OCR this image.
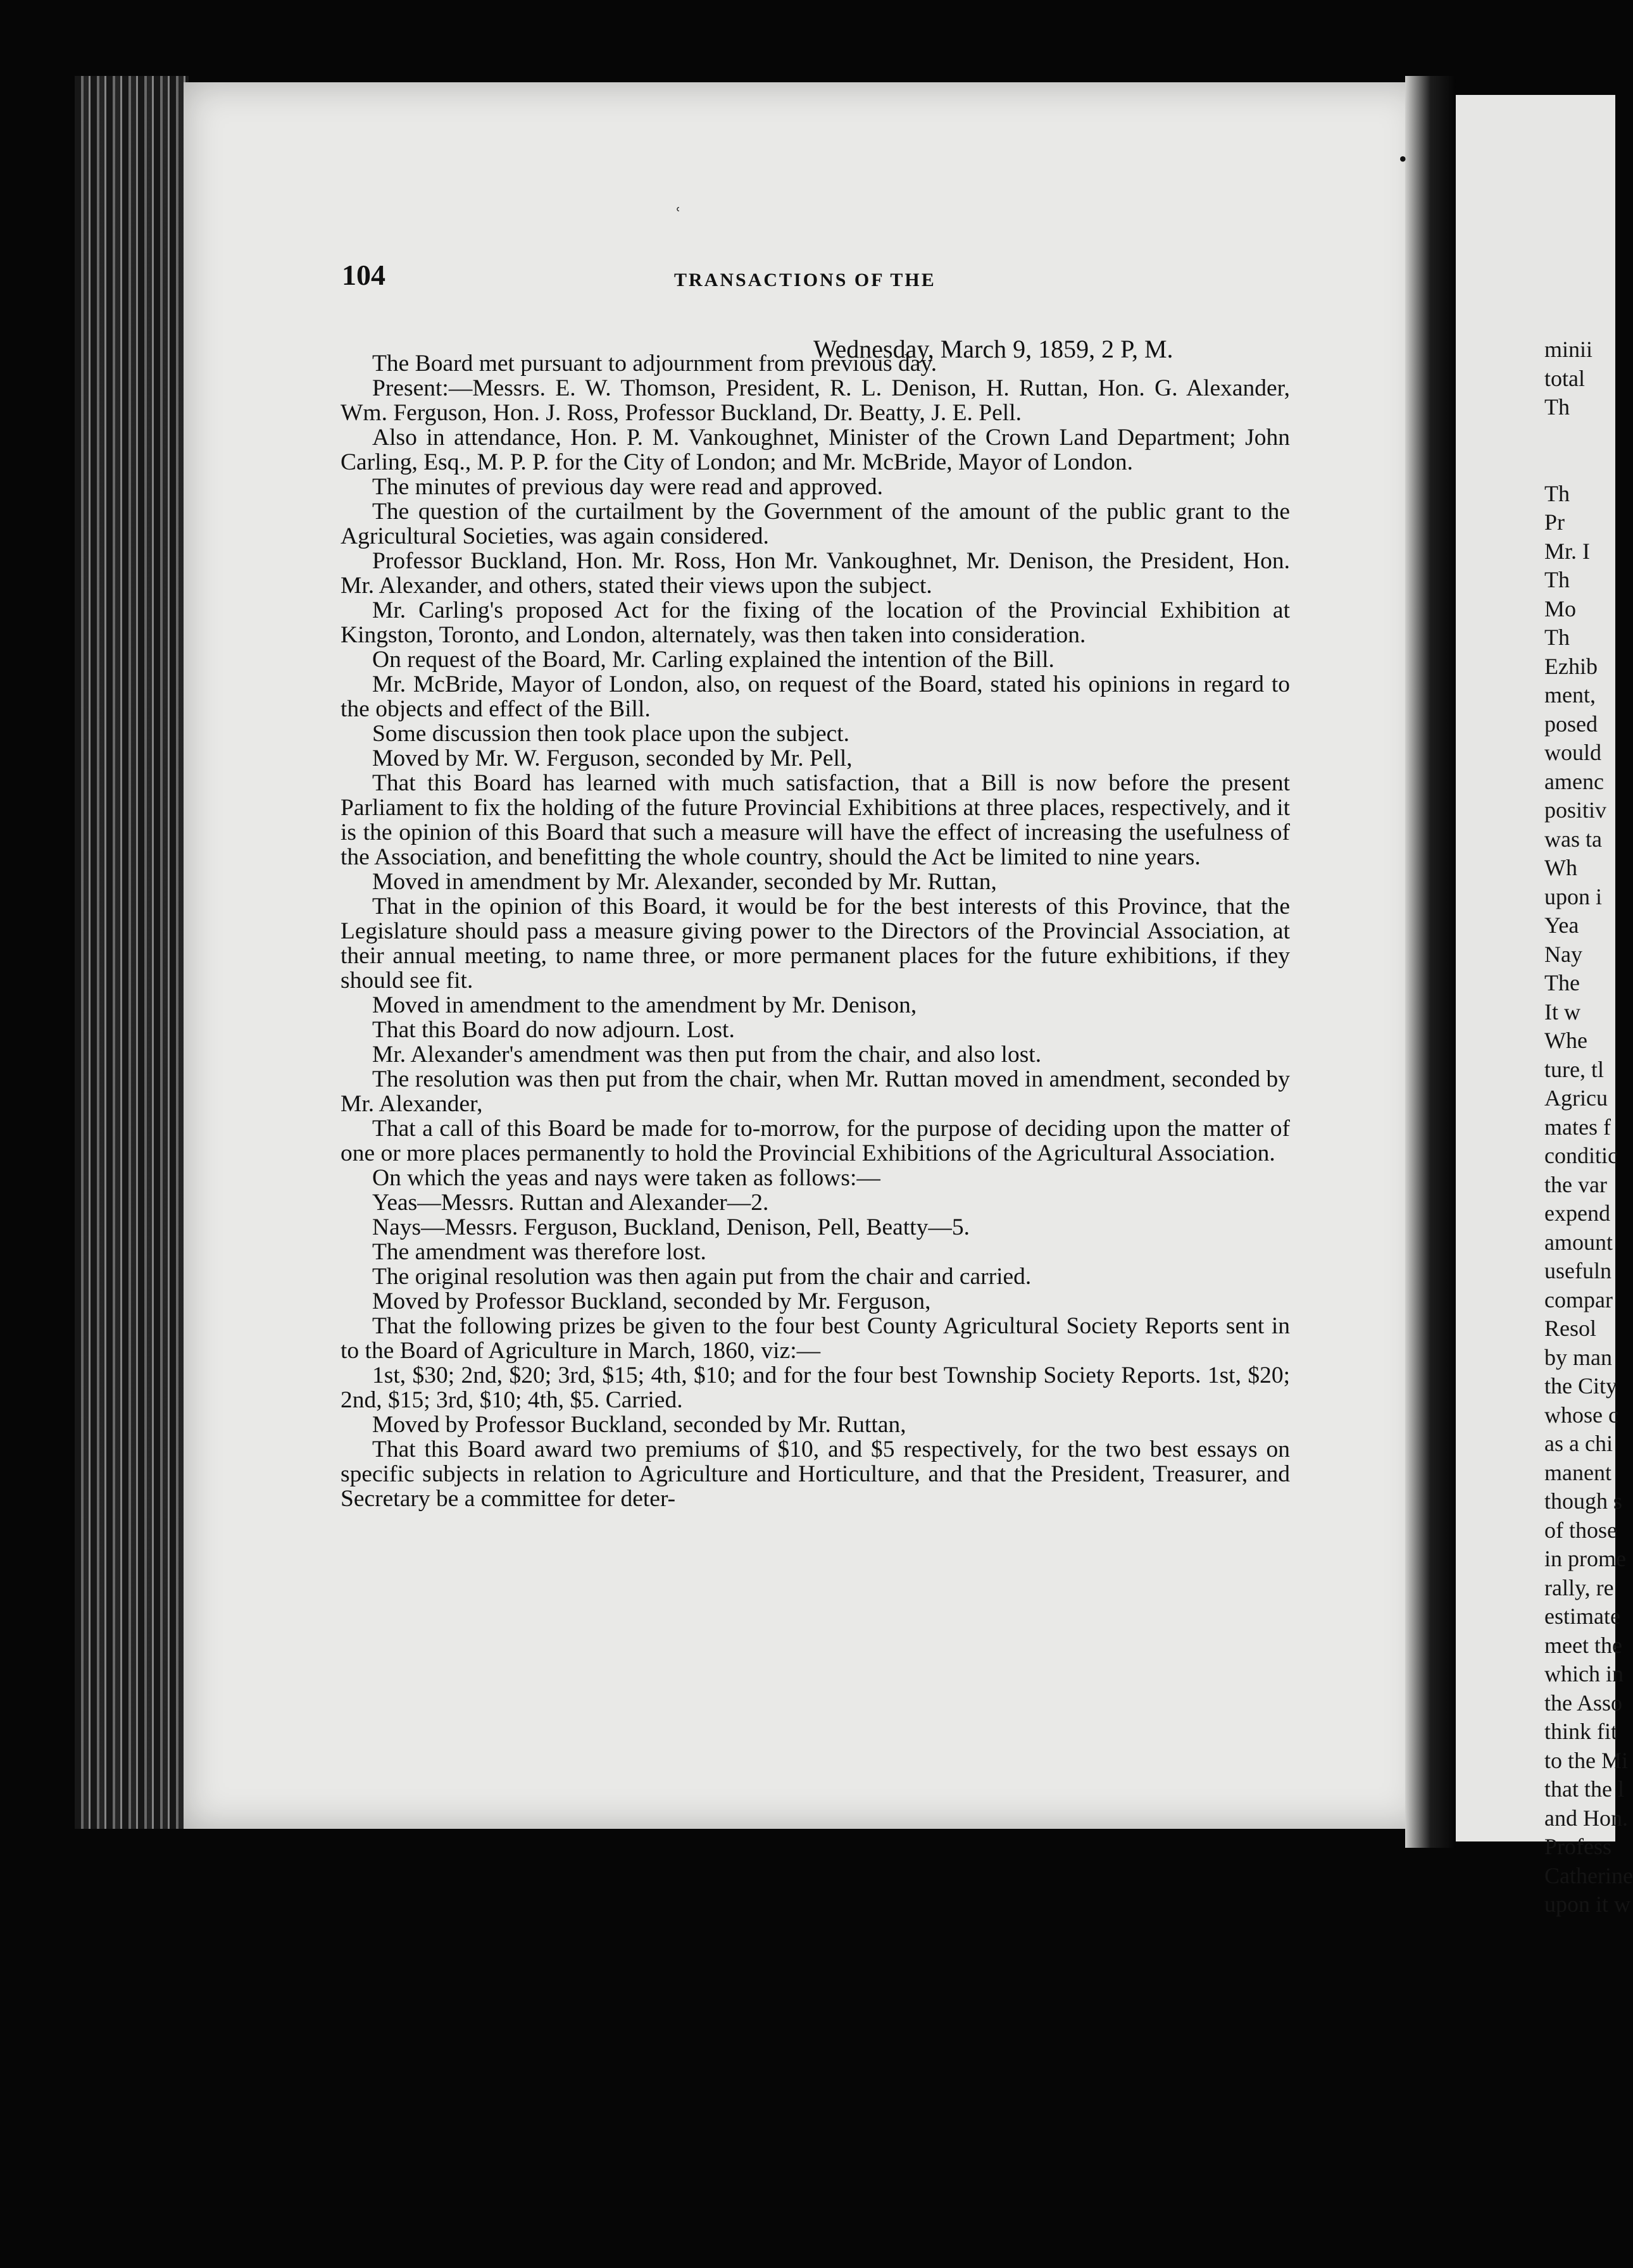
ʿ
•
104	TRANSACTIONS OF THE
Wednesday, March 9, 1859, 2 P, M.

The Board met pursuant to adjournment from previous day.

Present:—Messrs. E. W. Thomson, President, R. L. Denison, H. Ruttan, Hon. G. Alexander, Wm. Ferguson, Hon. J. Ross, Professor Buckland, Dr. Beatty, J. E. Pell.

Also in attendance, Hon. P. M. Vankoughnet, Minister of the Crown Land Department; John Carling, Esq., M. P. P. for the City of London; and Mr. McBride, Mayor of London.

The minutes of previous day were read and approved.

The question of the curtailment by the Government of the amount of the public grant to the Agricultural Societies, was again considered.

Professor Buckland, Hon. Mr. Ross, Hon Mr. Vankoughnet, Mr. Denison, the President, Hon. Mr. Alexander, and others, stated their views upon the subject.

Mr. Carling's proposed Act for the fixing of the location of the Provincial Exhibition at Kingston, Toronto, and London, alternately, was then taken into consideration.

On request of the Board, Mr. Carling explained the intention of the Bill.

Mr. McBride, Mayor of London, also, on request of the Board, stated his opinions in regard to the objects and effect of the Bill.

Some discussion then took place upon the subject.

Moved by Mr. W. Ferguson, seconded by Mr. Pell,

That this Board has learned with much satisfaction, that a Bill is now before the present Parliament to fix the holding of the future Provincial Exhibitions at three places, respectively, and it is the opinion of this Board that such a measure will have the effect of increasing the usefulness of the Association, and benefitting the whole country, should the Act be limited to nine years.

Moved in amendment by Mr. Alexander, seconded by Mr. Ruttan,

That in the opinion of this Board, it would be for the best interests of this Province, that the Legislature should pass a measure giving power to the Directors of the Provincial Association, at their annual meeting, to name three, or more permanent places for the future exhibitions, if they should see fit.

Moved in amendment to the amendment by Mr. Denison,

That this Board do now adjourn. Lost.

Mr. Alexander's amendment was then put from the chair, and also lost.

The resolution was then put from the chair, when Mr. Ruttan moved in amendment, seconded by Mr. Alexander,

That a call of this Board be made for to-morrow, for the purpose of deciding upon the matter of one or more places permanently to hold the Provincial Exhibitions of the Agricultural Association.

On which the yeas and nays were taken as follows:—

Yeas—Messrs. Ruttan and Alexander—2.

Nays—Messrs. Ferguson, Buckland, Denison, Pell, Beatty—5.

The amendment was therefore lost.

The original resolution was then again put from the chair and carried.

Moved by Professor Buckland, seconded by Mr. Ferguson,

That the following prizes be given to the four best County Agricultural Society Reports sent in to the Board of Agriculture in March, 1860, viz:—

1st, $30; 2nd, $20; 3rd, $15; 4th, $10; and for the four best Township Society Reports. 1st, $20; 2nd, $15; 3rd, $10; 4th, $5. Carried.

Moved by Professor Buckland, seconded by Mr. Ruttan,

That this Board award two premiums of $10, and $5 respectively, for the two best essays on specific subjects in relation to Agriculture and Horticulture, and that the President, Treasurer, and Secretary be a committee for deter-

minii
total
Th
Th
Pr
Mr. I
Th
Mo
Th
Ezhib
ment,
posed
would
amenc
positiv
was ta
Wh
upon i
Yea
Nay
The
It w
Whe
ture, tl
Agricu
mates f
conditic
the var
expend
amount
usefuln
compar
Resol
by man
the City
whose c
as a chi
manent
though s
of those
in prome
rally, re
estimate
meet the
which in
the Asso
think fit
to the Mi
that the l
and Hon.
Profess
Catherine
upon it w
